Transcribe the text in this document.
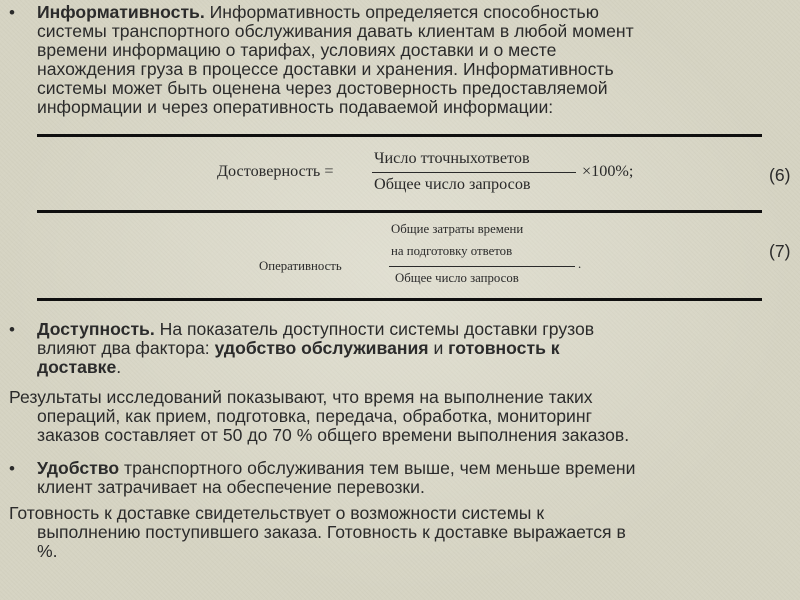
• Информативность. Информативность определяется способностью
системы транспортного обслуживания давать клиентам в любой момент
времени информацию о тарифах, условиях доставки и о месте
нахождения груза в процессе доставки и хранения. Информативность
системы может быть оценена через достоверность предоставляемой
информации и через оперативность подаваемой информации:
Достоверность =
Число тточныхответов
Общее число запросов
×100%;	(6)
Оперативность
Общие затраты времени
на подготовку ответов
Общее число запросов
.
(7)
• Доступность. На показатель доступности системы доставки грузов
влияют два фактора: удобство обслуживания и готовность к
доставке.
Результаты исследований показывают, что время на выполнение таких
операций, как прием, подготовка, передача, обработка, мониторинг
заказов составляет от 50 до 70 % общего времени выполнения заказов.
• Удобство транспортного обслуживания тем выше, чем меньше времени
клиент затрачивает на обеспечение перевозки.
Готовность к доставке свидетельствует о возможности системы к
выполнению поступившего заказа. Готовность к доставке выражается в
%.
